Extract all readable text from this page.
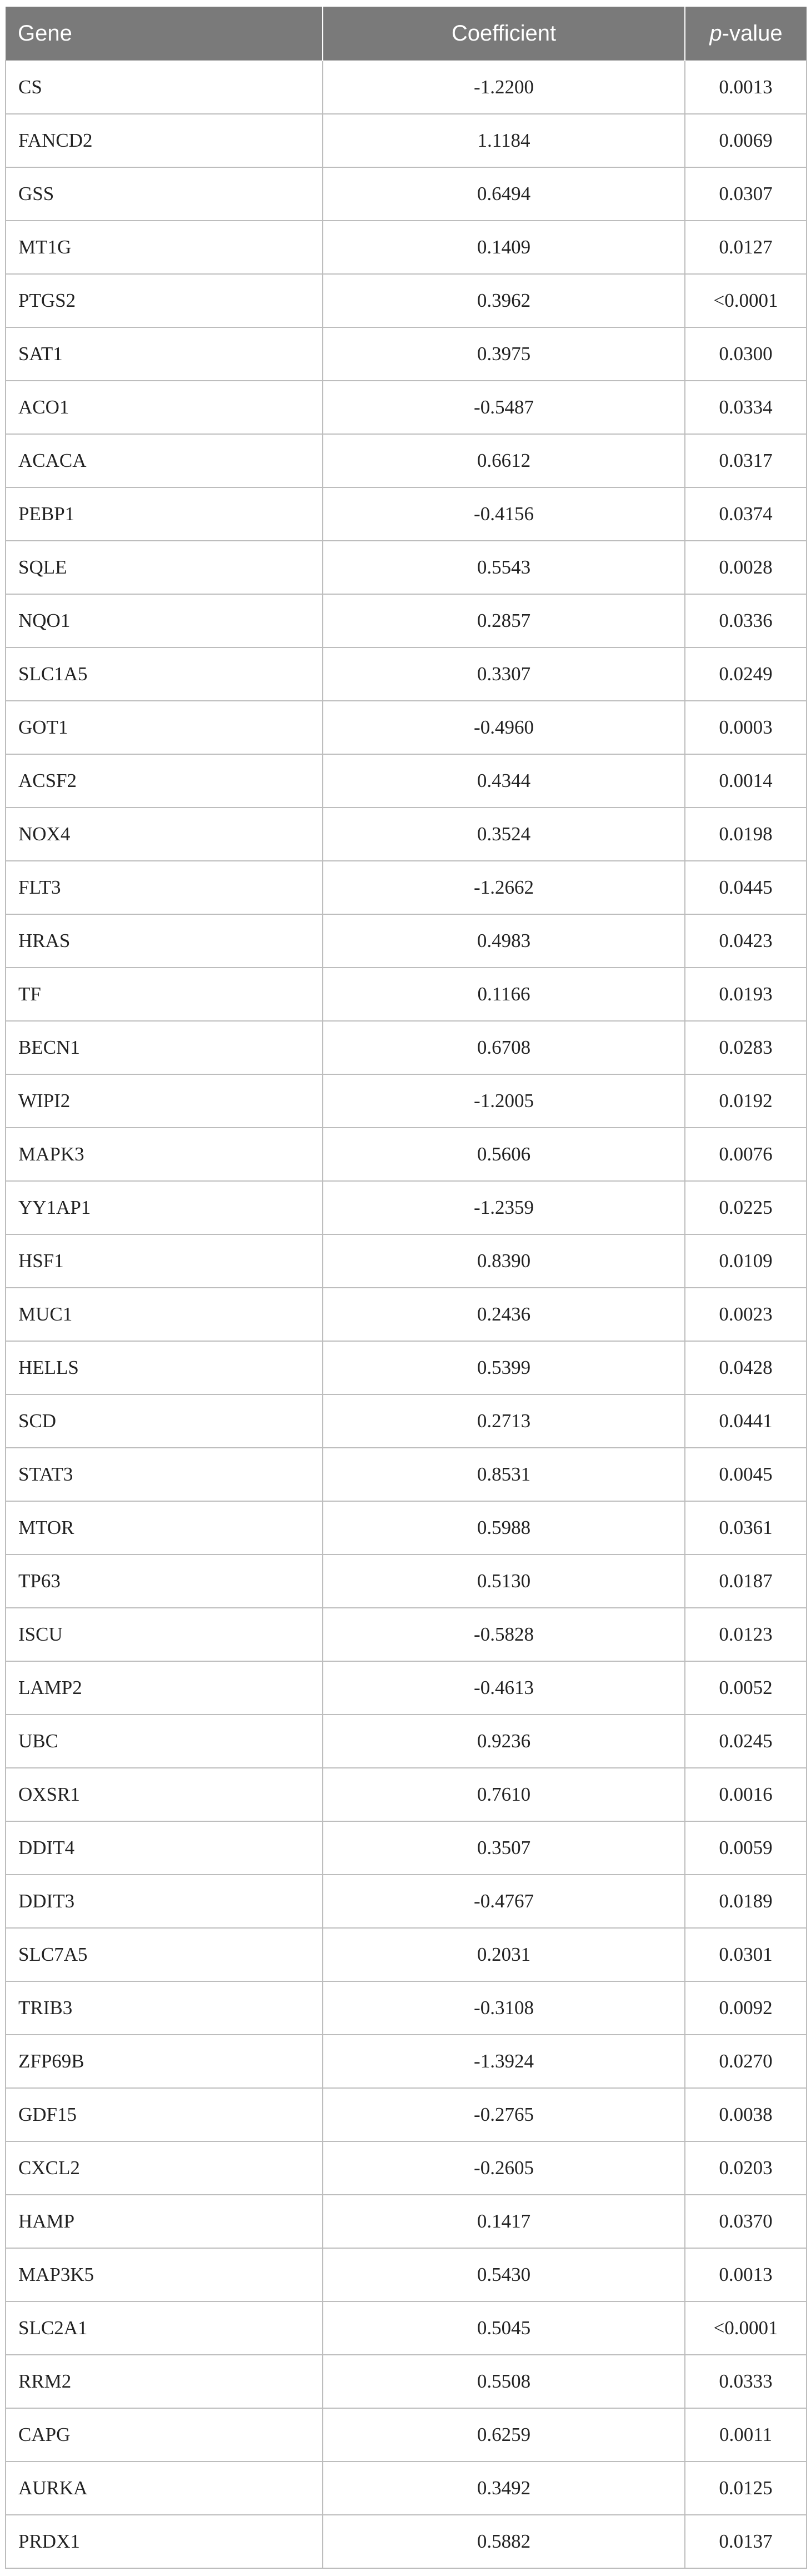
Gene	Coefficient	p-value
CS	-1.2200	0.0013
FANCD2	1.1184	0.0069
GSS	0.6494	0.0307
MT1G	0.1409	0.0127
PTGS2	0.3962	<0.0001
SAT1	0.3975	0.0300
ACO1	-0.5487	0.0334
ACACA	0.6612	0.0317
PEBP1	-0.4156	0.0374
SQLE	0.5543	0.0028
NQO1	0.2857	0.0336
SLC1A5	0.3307	0.0249
GOT1	-0.4960	0.0003
ACSF2	0.4344	0.0014
NOX4	0.3524	0.0198
FLT3	-1.2662	0.0445
HRAS	0.4983	0.0423
TF	0.1166	0.0193
BECN1	0.6708	0.0283
WIPI2	-1.2005	0.0192
MAPK3	0.5606	0.0076
YY1AP1	-1.2359	0.0225
HSF1	0.8390	0.0109
MUC1	0.2436	0.0023
HELLS	0.5399	0.0428
SCD	0.2713	0.0441
STAT3	0.8531	0.0045
MTOR	0.5988	0.0361
TP63	0.5130	0.0187
ISCU	-0.5828	0.0123
LAMP2	-0.4613	0.0052
UBC	0.9236	0.0245
OXSR1	0.7610	0.0016
DDIT4	0.3507	0.0059
DDIT3	-0.4767	0.0189
SLC7A5	0.2031	0.0301
TRIB3	-0.3108	0.0092
ZFP69B	-1.3924	0.0270
GDF15	-0.2765	0.0038
CXCL2	-0.2605	0.0203
HAMP	0.1417	0.0370
MAP3K5	0.5430	0.0013
SLC2A1	0.5045	<0.0001
RRM2	0.5508	0.0333
CAPG	0.6259	0.0011
AURKA	0.3492	0.0125
PRDX1	0.5882	0.0137
